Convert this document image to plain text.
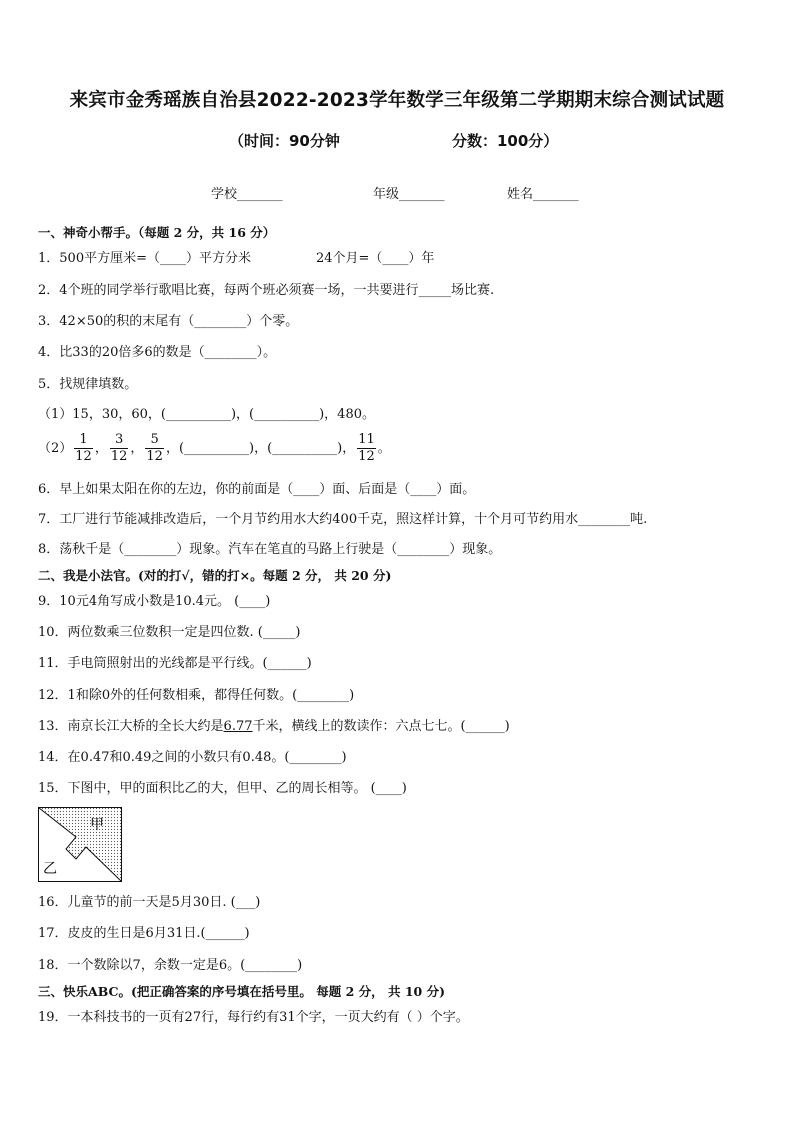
来宾市金秀瑶族自治县2022-2023学年数学三年级第二学期期末综合测试试题
（时间：90分钟	分数：100分）
学校_______	年级_______	姓名_______
一、神奇小帮手。（每题 2 分，共 16 分）
1．500平方厘米=（____）平方分米	24个月=（____）年
2．4个班的同学举行歌唱比赛，每两个班必须赛一场，一共要进行_____场比赛.
3．42×50的积的末尾有（________）个零。
4．比33的20倍多6的数是（________）。
5．找规律填数。
（1）15，30，60，(__________)，(__________)，480。
$(2) \frac{1}{12}$ ， $\frac{3}{12}$ ， $\frac{5}{12}$ ，(__________)，(__________)， $\frac{11}{12}$ 。
6．早上如果太阳在你的左边，你的前面是（____）面、后面是（____）面。
7．工厂进行节能减排改造后，一个月节约用水大约400千克，照这样计算，十个月可节约用水________吨.
8．荡秋千是（________）现象。汽车在笔直的马路上行驶是（________）现象。
二、我是小法官。(对的打√，错的打×。每题 2 分， 共 20 分)
9．10元4角写成小数是10.4元。 (____)
10．两位数乘三位数积一定是四位数. (_____)
11．手电筒照射出的光线都是平行线。(______)
12．1和除0外的任何数相乘，都得任何数。(________)
13．南京长江大桥的全长大约是6.77千米，横线上的数读作：六点七七。(______)
14．在0.47和0.49之间的小数只有0.48。(________)
15．下图中，甲的面积比乙的大，但甲、乙的周长相等。 (____)
甲
乙
16．儿童节的前一天是5月30日. (___)
17．皮皮的生日是6月31日.(______)
18．一个数除以7，余数一定是6。(________)
三、快乐ABC。(把正确答案的序号填在括号里。 每题 2 分， 共 10 分)
19．一本科技书的一页有27行，每行约有31个字，一页大约有（ ）个字。
